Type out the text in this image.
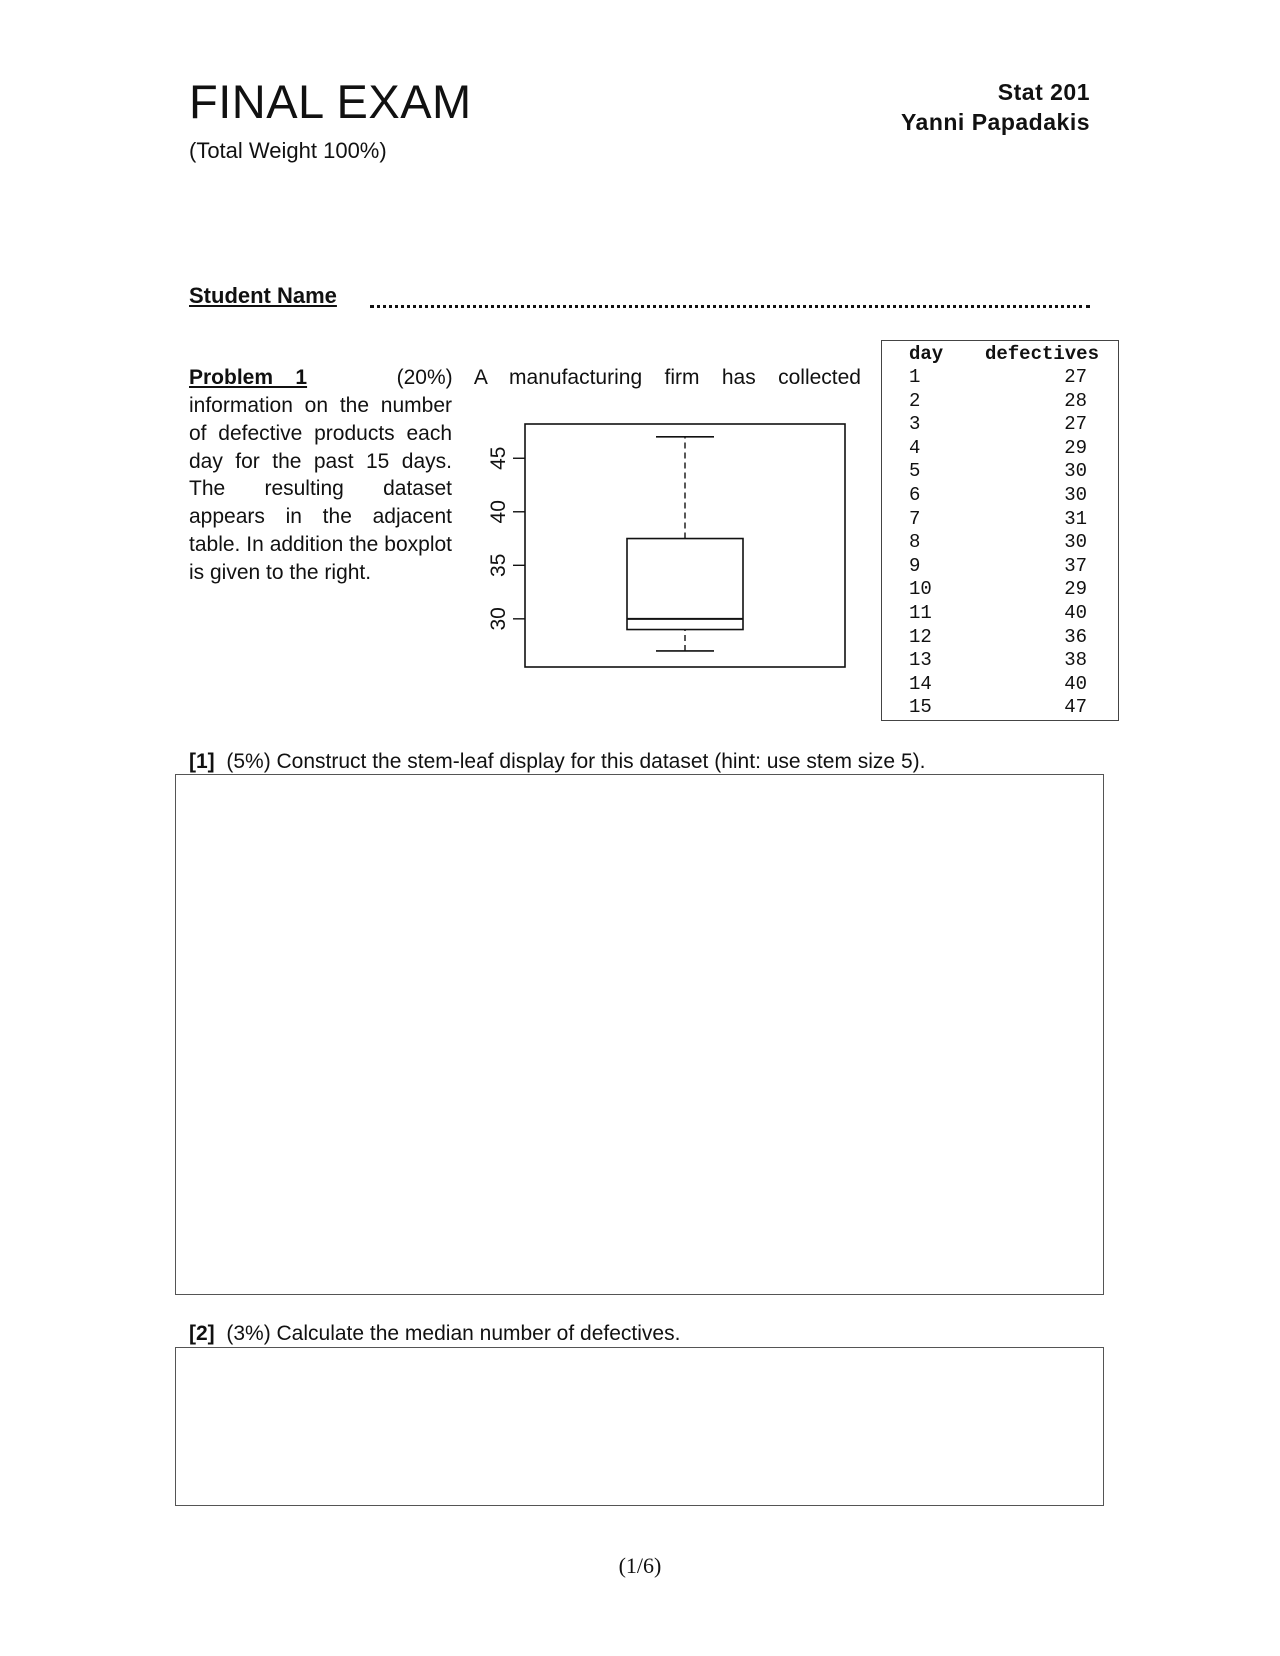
FINAL EXAM
(Total Weight 100%)
Stat 201
Yanni Papadakis
Student Name
Problem 1	(20%) A manufacturing firm has collected
information on the number of defective products each day for the past 15 days. The resulting dataset appears in the adjacent table. In addition the boxplot is given to the right.
30
35
40
45
day	defectives
1	27
2	28
3	27
4	29
5	30
6	30
7	31
8	30
9	37
10	29
11	40
12	36
13	38
14	40
15	47
[1] (5%) Construct the stem-leaf display for this dataset (hint: use stem size 5).
[2] (3%) Calculate the median number of defectives.
(1/6)
